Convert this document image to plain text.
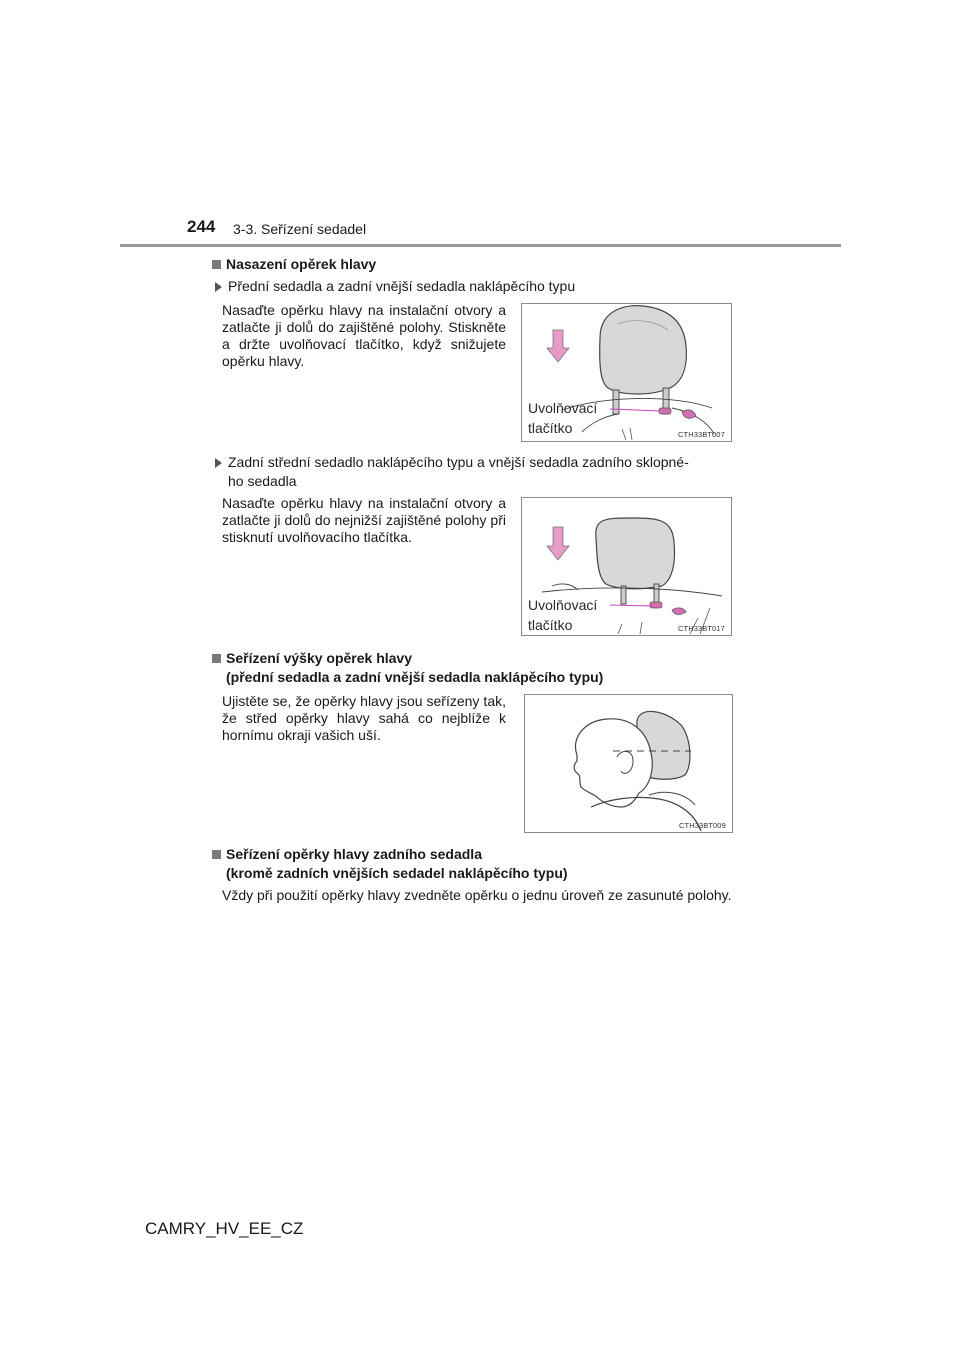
244 3-3. Seřízení sedadel
Nasazení opěrek hlavy
Přední sedadla a zadní vnější sedadla naklápěcího typu
Nasaďte opěrku hlavy na instalační otvory a zatlačte ji dolů do zajištěné polohy. Stiskněte a držte uvolňovací tlačítko, když snižujete opěrku hlavy.
Uvolňovací
tlačítko	CTH33BT007
Zadní střední sedadlo naklápěcího typu a vnější sedadla zadního sklopné-
ho sedadla
Nasaďte opěrku hlavy na instalační otvory a zatlačte ji dolů do nejnižší zajištěné polohy při stisknutí uvolňovacího tlačítka.
Uvolňovací
tlačítko	CTH33BT017
Seřízení výšky opěrek hlavy
(přední sedadla a zadní vnější sedadla naklápěcího typu)
Ujistěte se, že opěrky hlavy jsou seřízeny tak, že střed opěrky hlavy sahá co nejblíže k hornímu okraji vašich uší.
CTH33BT009
Seřízení opěrky hlavy zadního sedadla
(kromě zadních vnějších sedadel naklápěcího typu)
Vždy při použití opěrky hlavy zvedněte opěrku o jednu úroveň ze zasunuté polohy.
CAMRY_HV_EE_CZ
